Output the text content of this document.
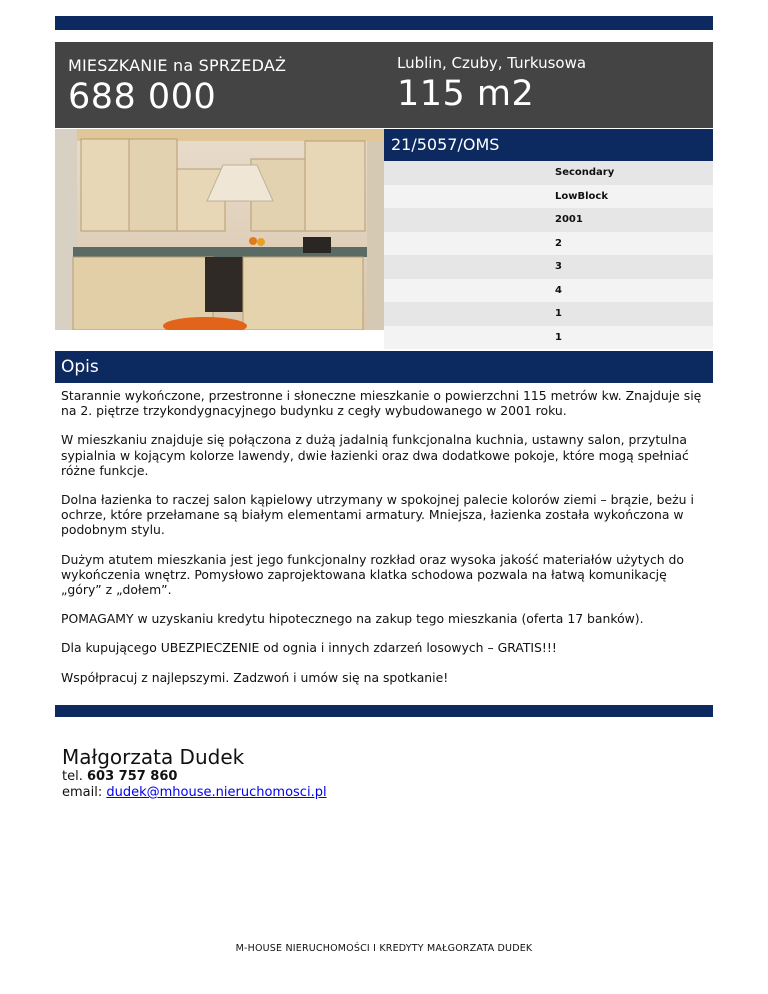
MIESZKANIE na SPRZEDAŻ
688 000
Lublin, Czuby, Turkusowa
115 m2
21/5057/OMS
Secondary
LowBlock
2001
2
3
4
1
1
Opis

Starannie wykończone, przestronne i słoneczne mieszkanie o powierzchni 115 metrów kw. Znajduje się na 2. piętrze trzykondygnacyjnego budynku z cegły wybudowanego w 2001 roku.

W mieszkaniu znajduje się połączona z dużą jadalnią funkcjonalna kuchnia, ustawny salon, przytulna sypialnia w kojącym kolorze lawendy, dwie łazienki oraz dwa dodatkowe pokoje, które mogą spełniać różne funkcje.

Dolna łazienka to raczej salon kąpielowy utrzymany w spokojnej palecie kolorów ziemi – brązie, beżu i ochrze, które przełamane są białym elementami armatury. Mniejsza, łazienka została wykończona w podobnym stylu.

Dużym atutem mieszkania jest jego funkcjonalny rozkład oraz wysoka jakość materiałów użytych do wykończenia wnętrz. Pomysłowo zaprojektowana klatka schodowa pozwala na łatwą komunikację „góry” z „dołem”.

POMAGAMY w uzyskaniu kredytu hipotecznego na zakup tego mieszkania (oferta 17 banków).

Dla kupującego UBEZPIECZENIE od ognia i innych zdarzeń losowych – GRATIS!!!

Współpracuj z najlepszymi. Zadzwoń i umów się na spotkanie!

Małgorzata Dudek
tel. 603 757 860
email: dudek@mhouse.nieruchomosci.pl
M-HOUSE NIERUCHOMOŚCI I KREDYTY MAŁGORZATA DUDEK
